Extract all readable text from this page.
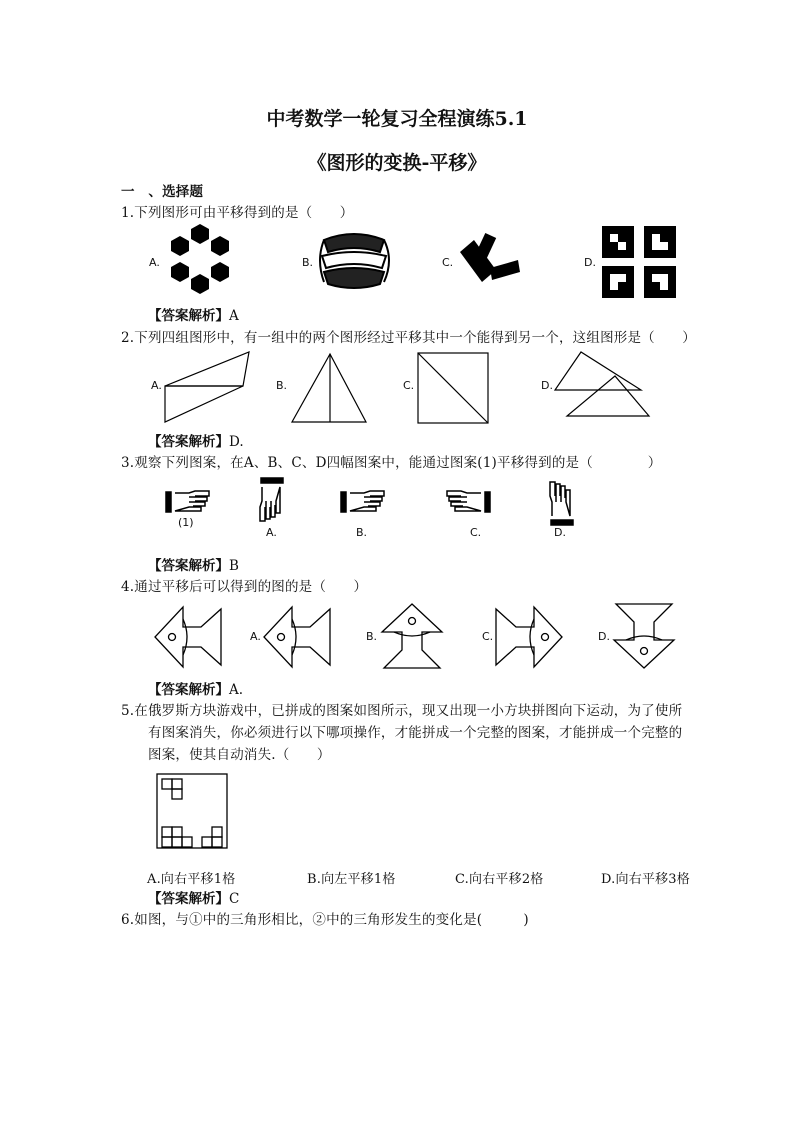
中考数学一轮复习全程演练5.1
《图形的变换-平移》
一　、选择题
1.下列图形可由平移得到的是（　　）
A.	B.	C.	D.
【答案解析】A
2.下列四组图形中，有一组中的两个图形经过平移其中一个能得到另一个，这组图形是（　　）
A.	B.	C.	D.
【答案解析】D.
3.观察下列图案，在A、B、C、D四幅图案中，能通过图案(1)平移得到的是（　　　　）
(1)
A.	B.	C.	D.
【答案解析】B
4.通过平移后可以得到的图的是（　　）
A.	B.	C.	D.
【答案解析】A.
5.在俄罗斯方块游戏中，已拼成的图案如图所示，现又出现一小方块拼图向下运动，为了使所
有图案消失，你必须进行以下哪项操作，才能拼成一个完整的图案，才能拼成一个完整的
图案，使其自动消失.（　　）
A.向右平移1格	B.向左平移1格	C.向右平移2格	D.向右平移3格
【答案解析】C
6.如图，与①中的三角形相比，②中的三角形发生的变化是(　　　)
